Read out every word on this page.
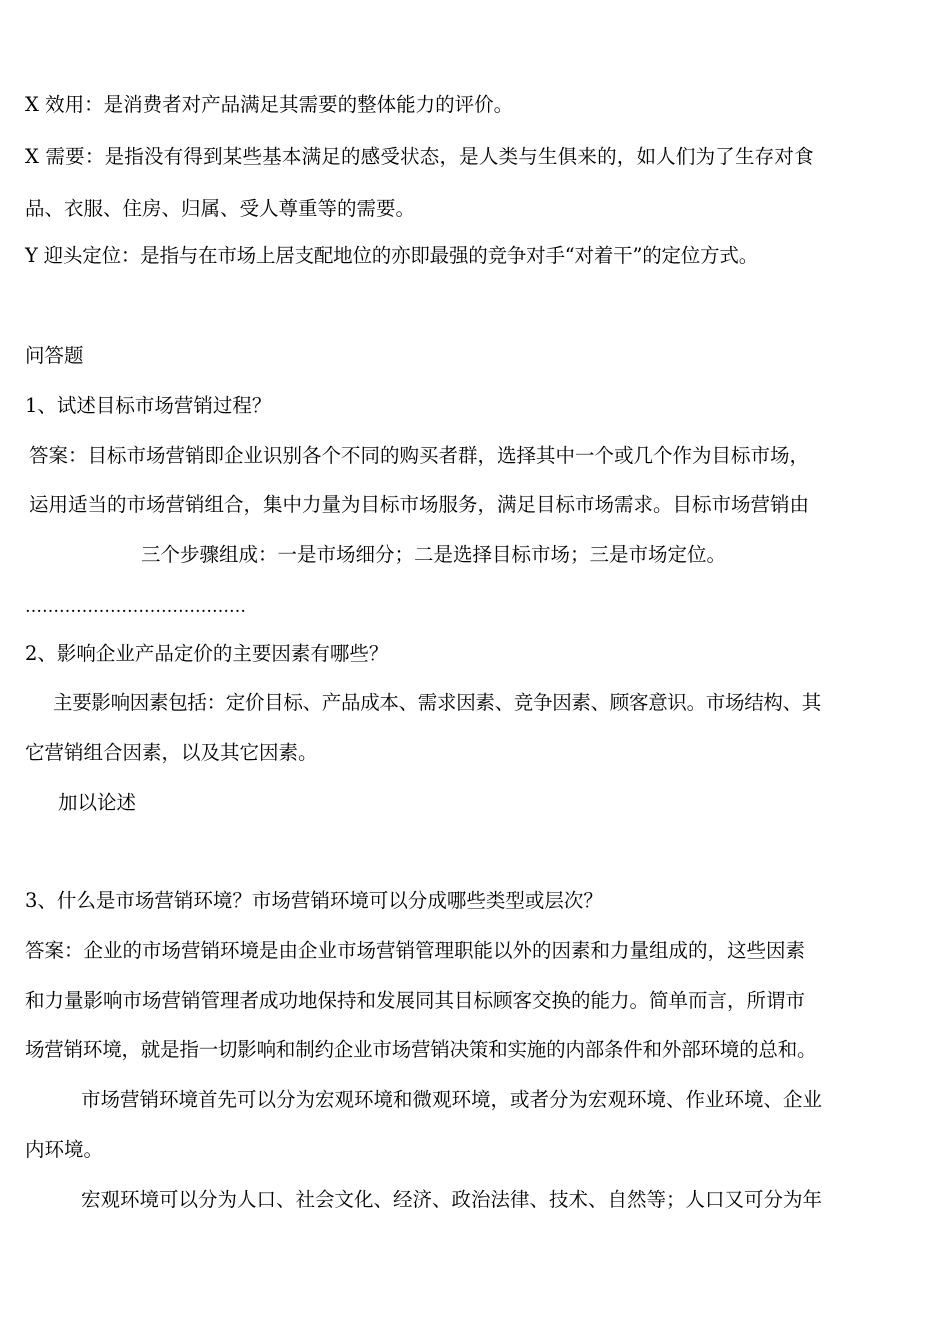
X 效用：是消费者对产品满足其需要的整体能力的评价。
X 需要：是指没有得到某些基本满足的感受状态，是人类与生俱来的，如人们为了生存对食
品、衣服、住房、归属、受人尊重等的需要。
Y 迎头定位：是指与在市场上居支配地位的亦即最强的竞争对手“对着干”的定位方式。
问答题
1、试述目标市场营销过程？
答案：目标市场营销即企业识别各个不同的购买者群，选择其中一个或几个作为目标市场，
运用适当的市场营销组合，集中力量为目标市场服务，满足目标市场需求。目标市场营销由
三个步骤组成：一是市场细分；二是选择目标市场；三是市场定位。
…………………………………
2、影响企业产品定价的主要因素有哪些？
主要影响因素包括：定价目标、产品成本、需求因素、竞争因素、顾客意识。市场结构、其
它营销组合因素，以及其它因素。
加以论述
3、什么是市场营销环境？市场营销环境可以分成哪些类型或层次？
答案：企业的市场营销环境是由企业市场营销管理职能以外的因素和力量组成的，这些因素
和力量影响市场营销管理者成功地保持和发展同其目标顾客交换的能力。简单而言，所谓市
场营销环境，就是指一切影响和制约企业市场营销决策和实施的内部条件和外部环境的总和。
市场营销环境首先可以分为宏观环境和微观环境，或者分为宏观环境、作业环境、企业
内环境。
宏观环境可以分为人口、社会文化、经济、政治法律、技术、自然等；人口又可分为年
